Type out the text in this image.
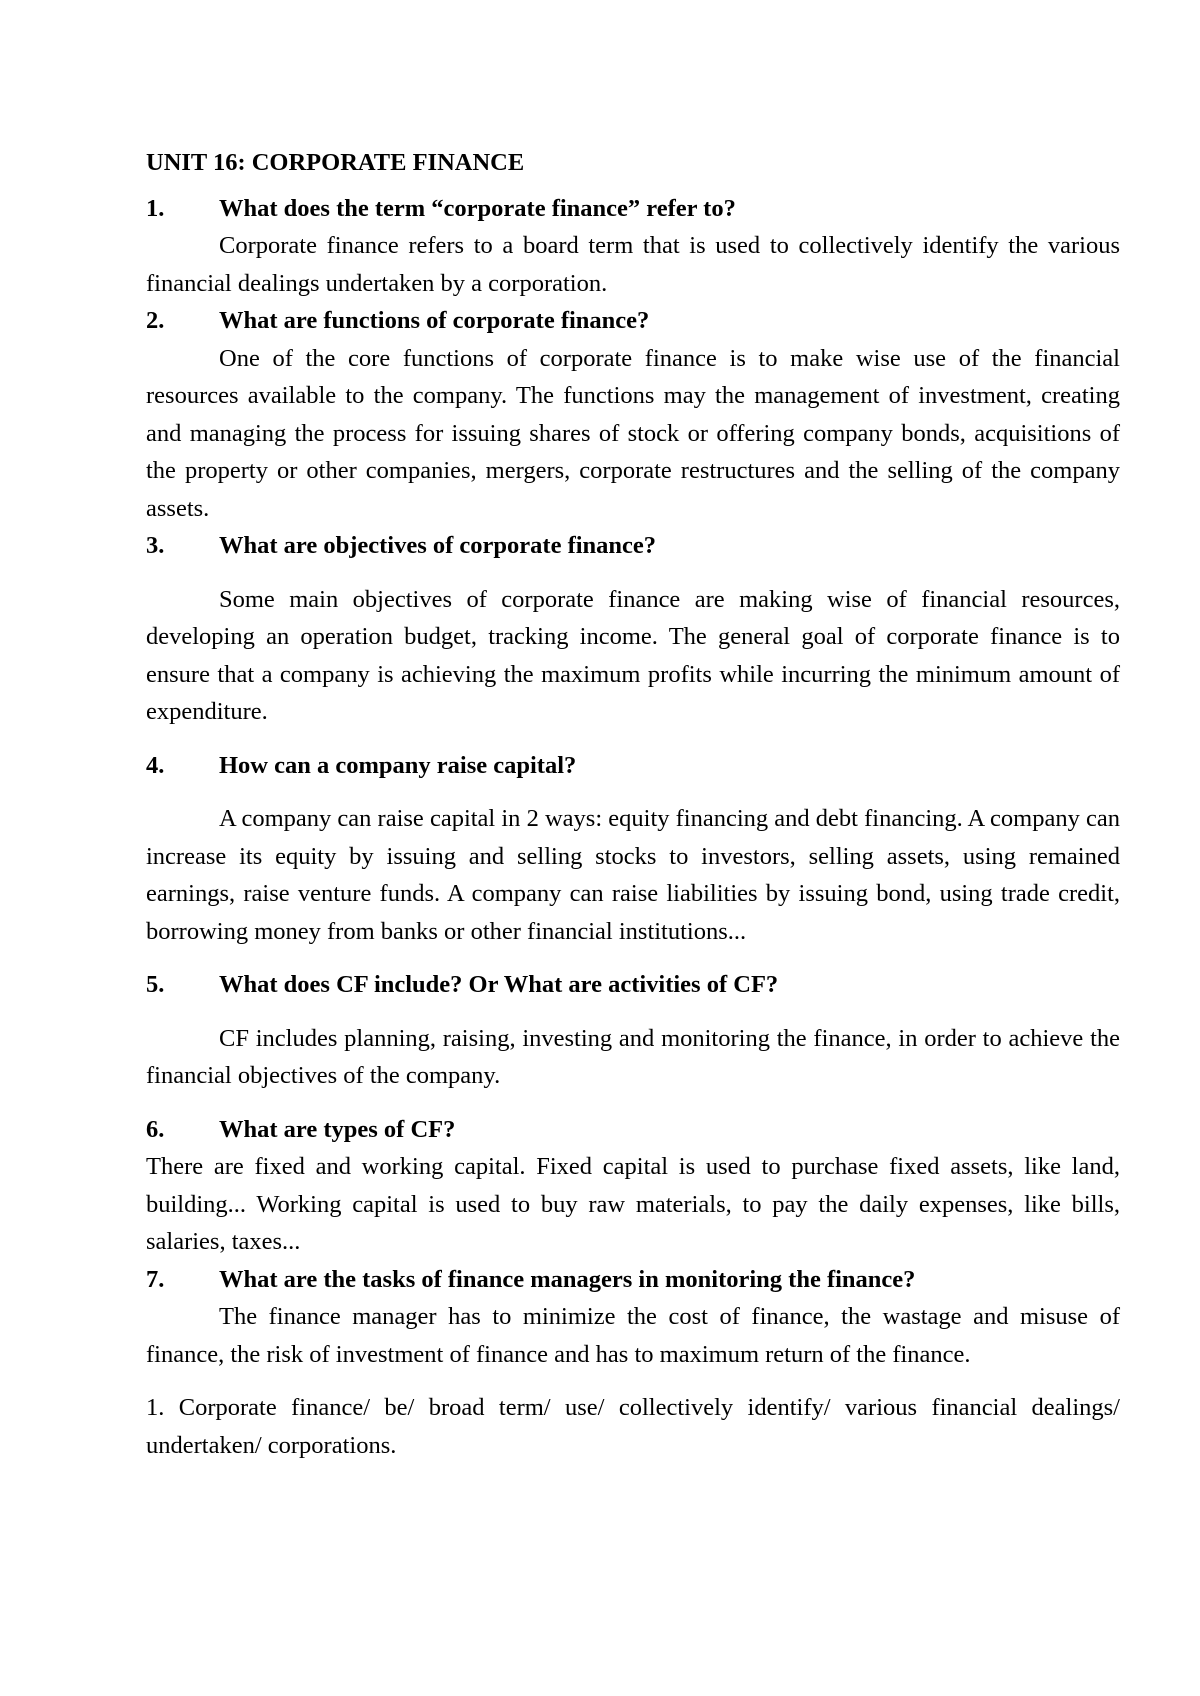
UNIT 16: CORPORATE FINANCE

1.	What does the term “corporate finance” refer to?

Corporate finance refers to a board term that is used to collectively identify the various financial dealings undertaken by a corporation.

2.	What are functions of corporate finance?

One of the core functions of corporate finance is to make wise use of the financial resources available to the company. The functions may the management of investment, creating and managing the process for issuing shares of stock or offering company bonds, acquisitions of the property or other companies, mergers, corporate restructures and the selling of the company assets.

3.	What are objectives of corporate finance?

Some main objectives of corporate finance are making wise of financial resources, developing an operation budget, tracking income. The general goal of corporate finance is to ensure that a company is achieving the maximum profits while incurring the minimum amount of expenditure.

4.	How can a company raise capital?

A company can raise capital in 2 ways: equity financing and debt financing. A company can increase its equity by issuing and selling stocks to investors, selling assets, using remained earnings, raise venture funds. A company can raise liabilities by issuing bond, using trade credit, borrowing money from banks or other financial institutions...

5.	What does CF include? Or What are activities of CF?

CF includes planning, raising, investing and monitoring the finance, in order to achieve the financial objectives of the company.

6.	What are types of CF?

There are fixed and working capital. Fixed capital is used to purchase fixed assets, like land, building... Working capital is used to buy raw materials, to pay the daily expenses, like bills, salaries, taxes...

7.	What are the tasks of finance managers in monitoring the finance?

The finance manager has to minimize the cost of finance, the wastage and misuse of finance, the risk of investment of finance and has to maximum return of the finance.

1. Corporate finance/ be/ broad term/ use/ collectively identify/ various financial dealings/ undertaken/ corporations.
